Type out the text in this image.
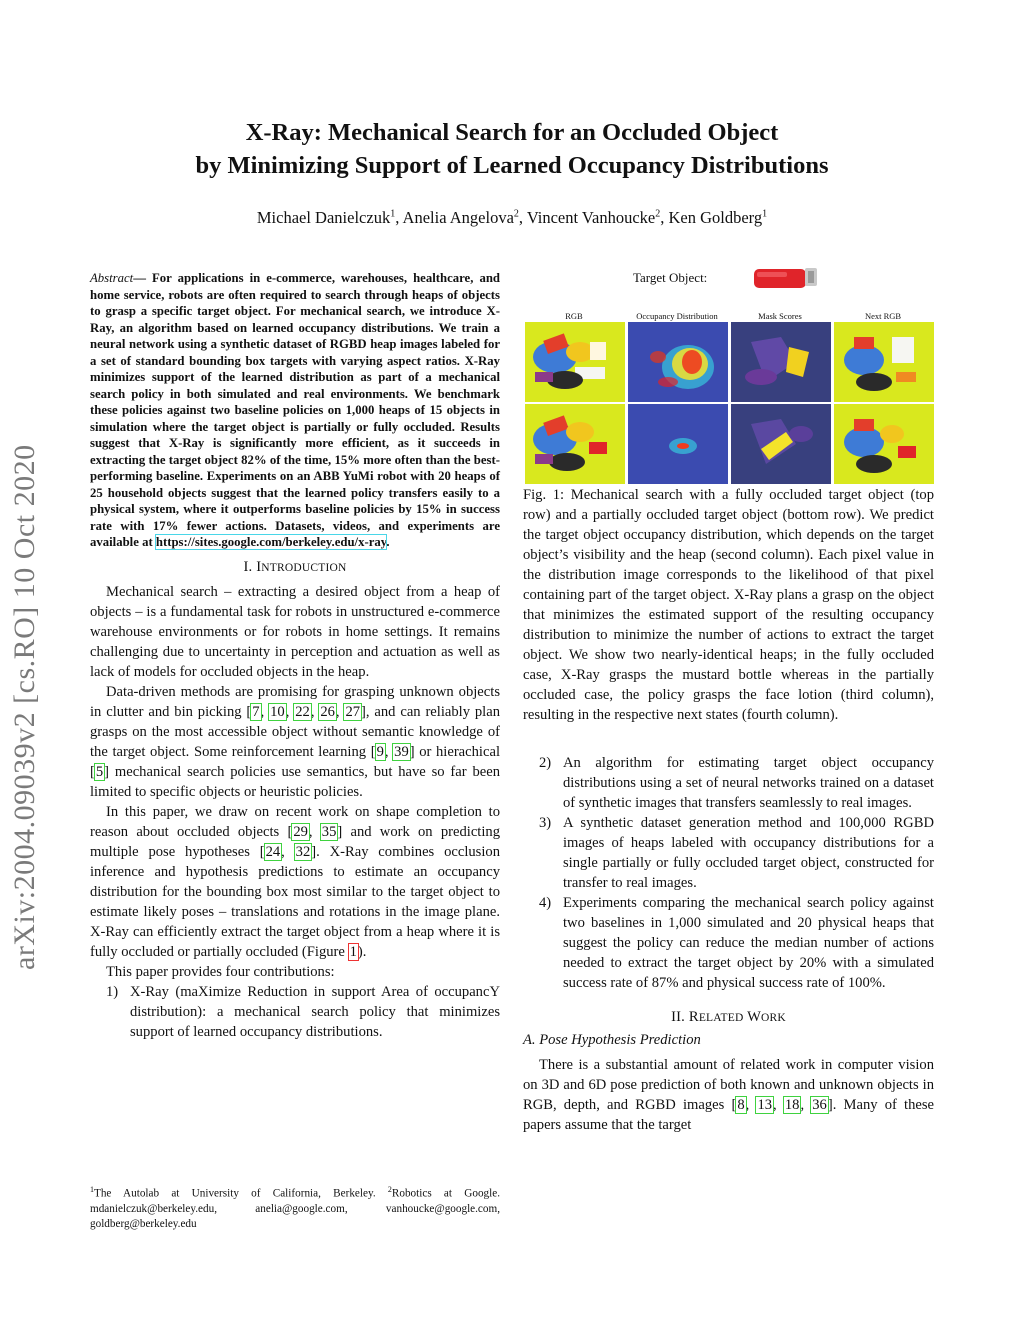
arXiv:2004.09039v2 [cs.RO] 10 Oct 2020
X-Ray: Mechanical Search for an Occluded Object
by Minimizing Support of Learned Occupancy Distributions
Michael Danielczuk$^1$, Anelia Angelova$^2$, Vincent Vanhoucke$^2$, Ken Goldberg$^1$
Abstract— For applications in e-commerce, warehouses, healthcare, and home service, robots are often required to search through heaps of objects to grasp a specific target object. For mechanical search, we introduce X-Ray, an algorithm based on learned occupancy distributions. We train a neural network using a synthetic dataset of RGBD heap images labeled for a set of standard bounding box targets with varying aspect ratios. X-Ray minimizes support of the learned distribution as part of a mechanical search policy in both simulated and real environments. We benchmark these policies against two baseline policies on 1,000 heaps of 15 objects in simulation where the target object is partially or fully occluded. Results suggest that X-Ray is significantly more efficient, as it succeeds in extracting the target object 82% of the time, 15% more often than the best-performing baseline. Experiments on an ABB YuMi robot with 20 heaps of 25 household objects suggest that the learned policy transfers easily to a physical system, where it outperforms baseline policies by 15% in success rate with 17% fewer actions. Datasets, videos, and experiments are available at https://sites.google.com/berkeley.edu/x-ray.
I. INTRODUCTION

Mechanical search – extracting a desired object from a heap of objects – is a fundamental task for robots in unstructured e-commerce warehouse environments or for robots in home settings. It remains challenging due to uncertainty in perception and actuation as well as lack of models for occluded objects in the heap.

Data-driven methods are promising for grasping unknown objects in clutter and bin picking [7, 10, 22, 26, 27], and can reliably plan grasps on the most accessible object without semantic knowledge of the target object. Some reinforcement learning [9, 39] or hierachical [5] mechanical search policies use semantics, but have so far been limited to specific objects or heuristic policies.

In this paper, we draw on recent work on shape completion to reason about occluded objects [29, 35] and work on predicting multiple pose hypotheses [24, 32]. X-Ray combines occlusion inference and hypothesis predictions to estimate an occupancy distribution for the bounding box most similar to the target object to estimate likely poses – translations and rotations in the image plane. X-Ray can efficiently extract the target object from a heap where it is fully occluded or partially occluded (Figure 1).

This paper provides four contributions:

1) X-Ray (maXimize Reduction in support Area of occupancY distribution): a mechanical search policy that minimizes support of learned occupancy distributions.
$^1$The Autolab at University of California, Berkeley. $^2$Robotics at Google. mdanielczuk@berkeley.edu, anelia@google.com, vanhoucke@google.com, goldberg@berkeley.edu
Target Object:
RGB	Occupancy Distribution	Mask Scores	Next RGB
Fig. 1: Mechanical search with a fully occluded target object (top row) and a partially occluded target object (bottom row). We predict the target object occupancy distribution, which depends on the target object’s visibility and the heap (second column). Each pixel value in the distribution image corresponds to the likelihood of that pixel containing part of the target object. X-Ray plans a grasp on the object that minimizes the estimated support of the resulting occupancy distribution to minimize the number of actions to extract the target object. We show two nearly-identical heaps; in the fully occluded case, X-Ray grasps the mustard bottle whereas in the partially occluded case, the policy grasps the face lotion (third column), resulting in the respective next states (fourth column).
2) An algorithm for estimating target object occupancy distributions using a set of neural networks trained on a dataset of synthetic images that transfers seamlessly to real images.
3) A synthetic dataset generation method and 100,000 RGBD images of heaps labeled with occupancy distributions for a single partially or fully occluded target object, constructed for transfer to real images.
4) Experiments comparing the mechanical search policy against two baselines in 1,000 simulated and 20 physical heaps that suggest the policy can reduce the median number of actions needed to extract the target object by 20% with a simulated success rate of 87% and physical success rate of 100%.
II. RELATED WORK
A. Pose Hypothesis Prediction

There is a substantial amount of related work in computer vision on 3D and 6D pose prediction of both known and unknown objects in RGB, depth, and RGBD images [8, 13, 18, 36]. Many of these papers assume that the target
